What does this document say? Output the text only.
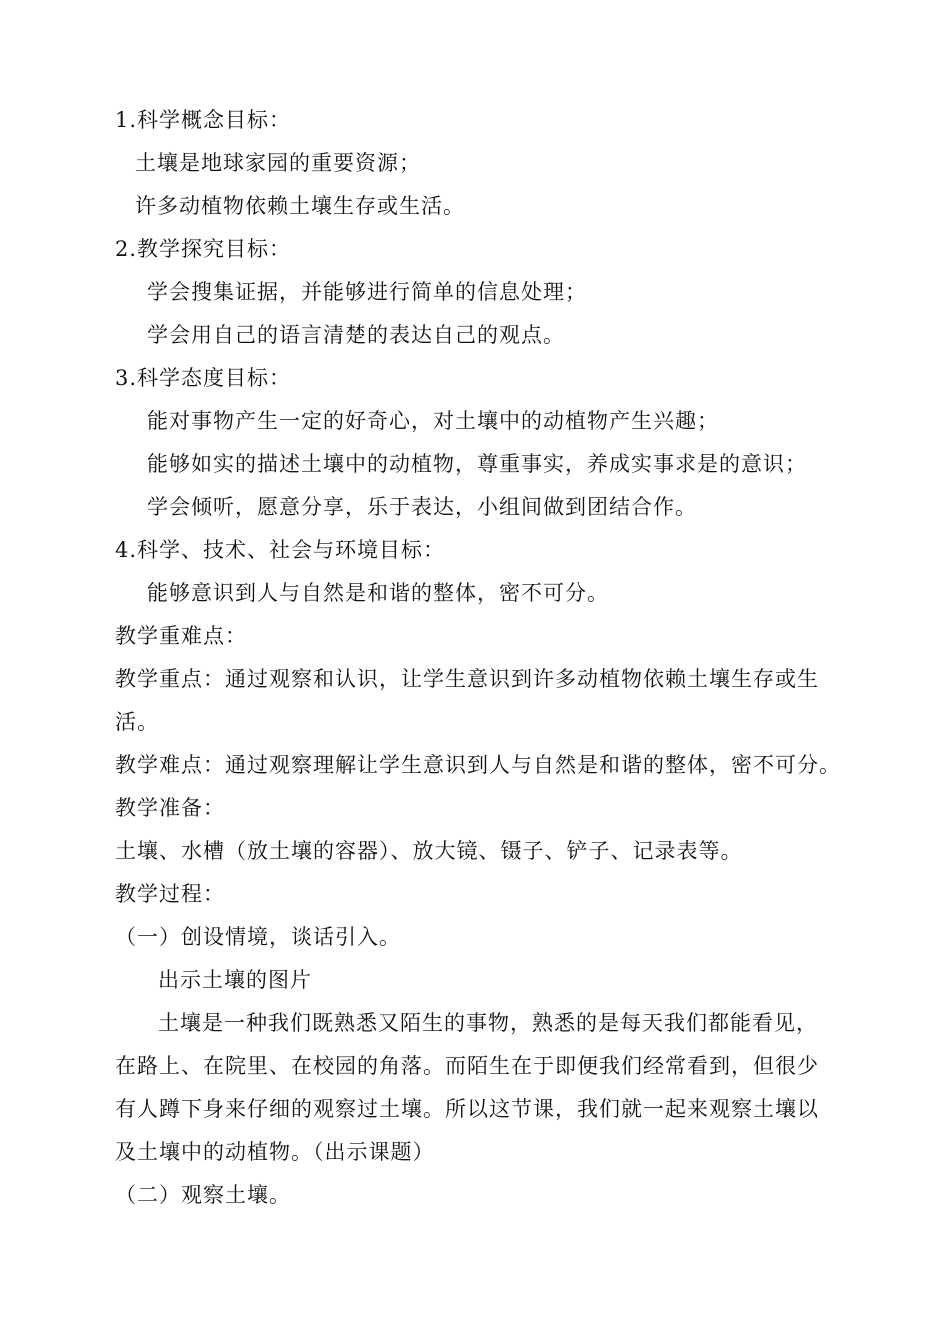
1.科学概念目标：
土壤是地球家园的重要资源；
许多动植物依赖土壤生存或生活。
2.教学探究目标：
学会搜集证据，并能够进行简单的信息处理；
学会用自己的语言清楚的表达自己的观点。
3.科学态度目标：
能对事物产生一定的好奇心，对土壤中的动植物产生兴趣；
能够如实的描述土壤中的动植物，尊重事实，养成实事求是的意识；
学会倾听，愿意分享，乐于表达，小组间做到团结合作。
4.科学、技术、社会与环境目标：
能够意识到人与自然是和谐的整体，密不可分。
教学重难点：
教学重点：通过观察和认识，让学生意识到许多动植物依赖土壤生存或生
活。
教学难点：通过观察理解让学生意识到人与自然是和谐的整体，密不可分。
教学准备：
土壤、水槽（放土壤的容器）、放大镜、镊子、铲子、记录表等。
教学过程：
（一）创设情境，谈话引入。
出示土壤的图片
土壤是一种我们既熟悉又陌生的事物，熟悉的是每天我们都能看见，
在路上、在院里、在校园的角落。而陌生在于即便我们经常看到，但很少
有人蹲下身来仔细的观察过土壤。所以这节课，我们就一起来观察土壤以
及土壤中的动植物。（出示课题）
（二）观察土壤。
